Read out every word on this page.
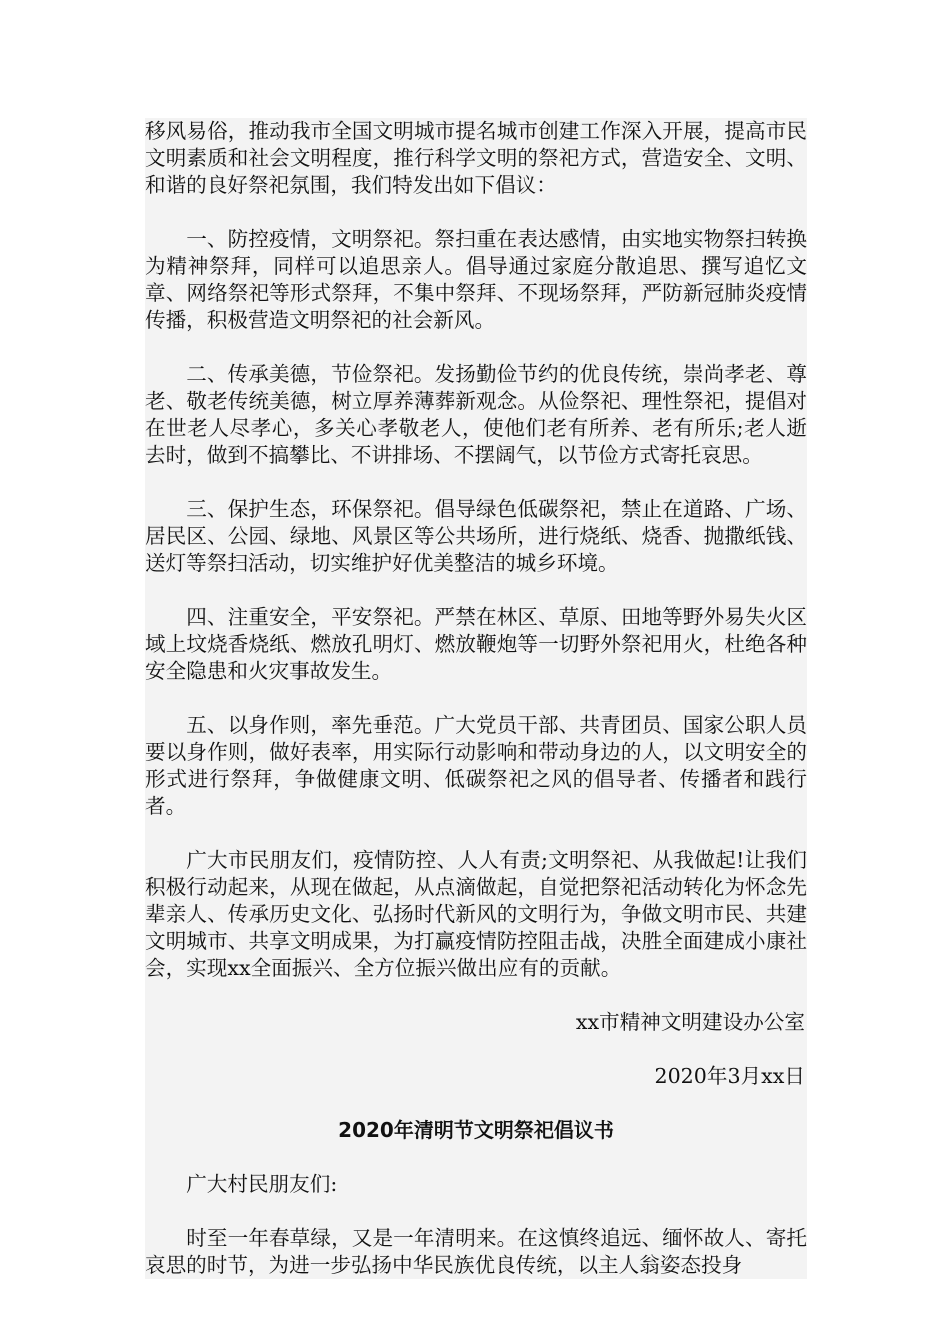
移风易俗，推动我市全国文明城市提名城市创建工作深入开展，提高市民文明素质和社会文明程度，推行科学文明的祭祀方式，营造安全、文明、和谐的良好祭祀氛围，我们特发出如下倡议：

一、防控疫情，文明祭祀。祭扫重在表达感情，由实地实物祭扫转换为精神祭拜，同样可以追思亲人。倡导通过家庭分散追思、撰写追忆文章、网络祭祀等形式祭拜，不集中祭拜、不现场祭拜，严防新冠肺炎疫情传播，积极营造文明祭祀的社会新风。

二、传承美德，节俭祭祀。发扬勤俭节约的优良传统，崇尚孝老、尊老、敬老传统美德，树立厚养薄葬新观念。从俭祭祀、理性祭祀，提倡对在世老人尽孝心，多关心孝敬老人，使他们老有所养、老有所乐;老人逝去时，做到不搞攀比、不讲排场、不摆阔气，以节俭方式寄托哀思。

三、保护生态，环保祭祀。倡导绿色低碳祭祀，禁止在道路、广场、居民区、公园、绿地、风景区等公共场所，进行烧纸、烧香、抛撒纸钱、送灯等祭扫活动，切实维护好优美整洁的城乡环境。

四、注重安全，平安祭祀。严禁在林区、草原、田地等野外易失火区域上坟烧香烧纸、燃放孔明灯、燃放鞭炮等一切野外祭祀用火，杜绝各种安全隐患和火灾事故发生。

五、以身作则，率先垂范。广大党员干部、共青团员、国家公职人员要以身作则，做好表率，用实际行动影响和带动身边的人，以文明安全的形式进行祭拜，争做健康文明、低碳祭祀之风的倡导者、传播者和践行者。

广大市民朋友们，疫情防控、人人有责;文明祭祀、从我做起!让我们积极行动起来，从现在做起，从点滴做起，自觉把祭祀活动转化为怀念先辈亲人、传承历史文化、弘扬时代新风的文明行为，争做文明市民、共建文明城市、共享文明成果，为打赢疫情防控阻击战，决胜全面建成小康社会，实现xx全面振兴、全方位振兴做出应有的贡献。

xx市精神文明建设办公室

2020年3月xx日

2020年清明节文明祭祀倡议书

广大村民朋友们:

时至一年春草绿，又是一年清明来。在这慎终追远、缅怀故人、寄托哀思的时节，为进一步弘扬中华民族优良传统，以主人翁姿态投身
